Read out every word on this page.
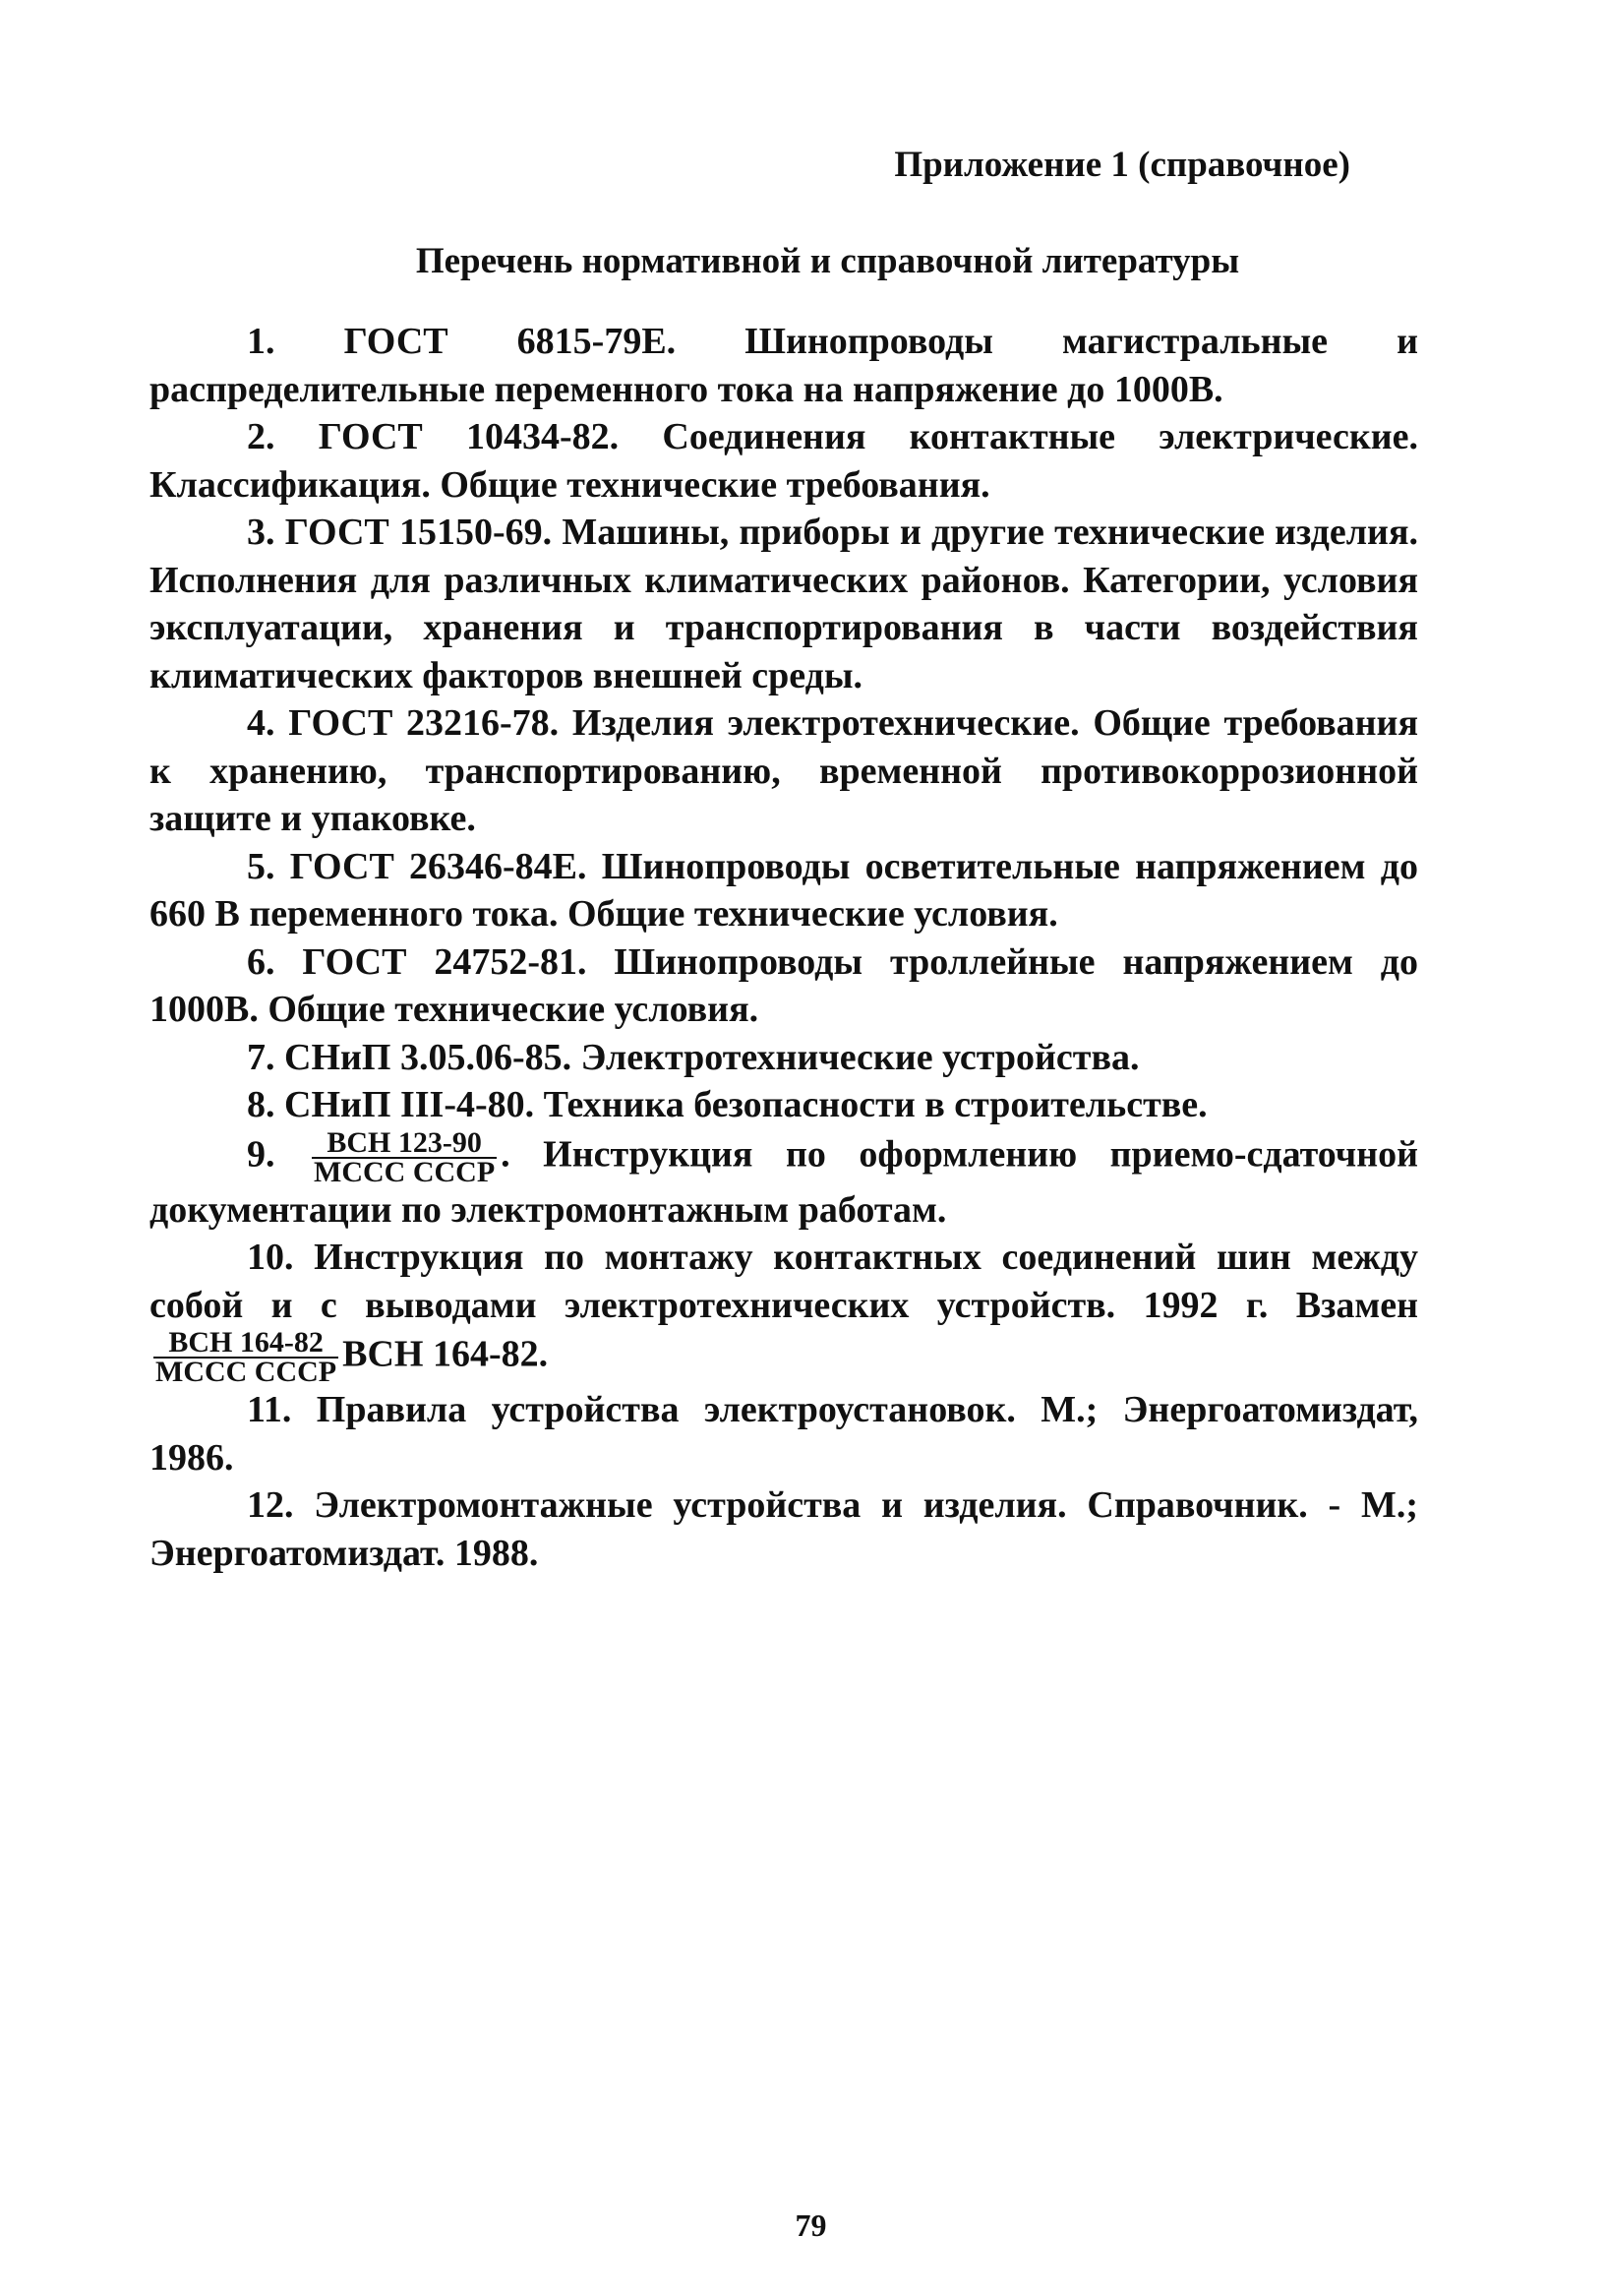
Приложение 1 (справочное)
Перечень нормативной и справочной литературы

1. ГОСТ 6815-79Е. Шинопроводы магистральные и распределительные переменного тока на напряжение до 1000В.

2. ГОСТ 10434-82. Соединения контактные электрические. Классификация. Общие технические требования.

3. ГОСТ 15150-69. Машины, приборы и другие технические изделия. Исполнения для различных климатических районов. Категории, условия эксплуатации, хранения и транспортирования в части воздействия климатических факторов внешней среды.

4. ГОСТ 23216-78. Изделия электротехнические. Общие требования к хранению, транспортированию, временной противокоррозионной защите и упаковке.

5. ГОСТ 26346-84Е. Шинопроводы осветительные напряжением до 660 В переменного тока. Общие технические условия.

6. ГОСТ 24752-81. Шинопроводы троллейные напряжением до 1000В. Общие технические условия.

7. СНиП 3.05.06-85. Электротехнические устройства.

8. СНиП III-4-80. Техника безопасности в строительстве.

9. $\frac{\text{ВСН 123-90}}{\text{МССС СССР}}$ . Инструкция по оформлению приемо-сдаточной документации по электромонтажным работам.

10. Инструкция по монтажу контактных соединений шин между собой и с выводами электротехнических устройств. 1992 г. Взамен
$\frac{\text{ВСН 164-82}}{\text{МССС СССР}}$ ВСН 164-82.

11. Правила устройства электроустановок. М.; Энергоатомиздат, 1986.

12. Электромонтажные устройства и изделия. Справочник. - М.; Энергоатомиздат. 1988.

79
